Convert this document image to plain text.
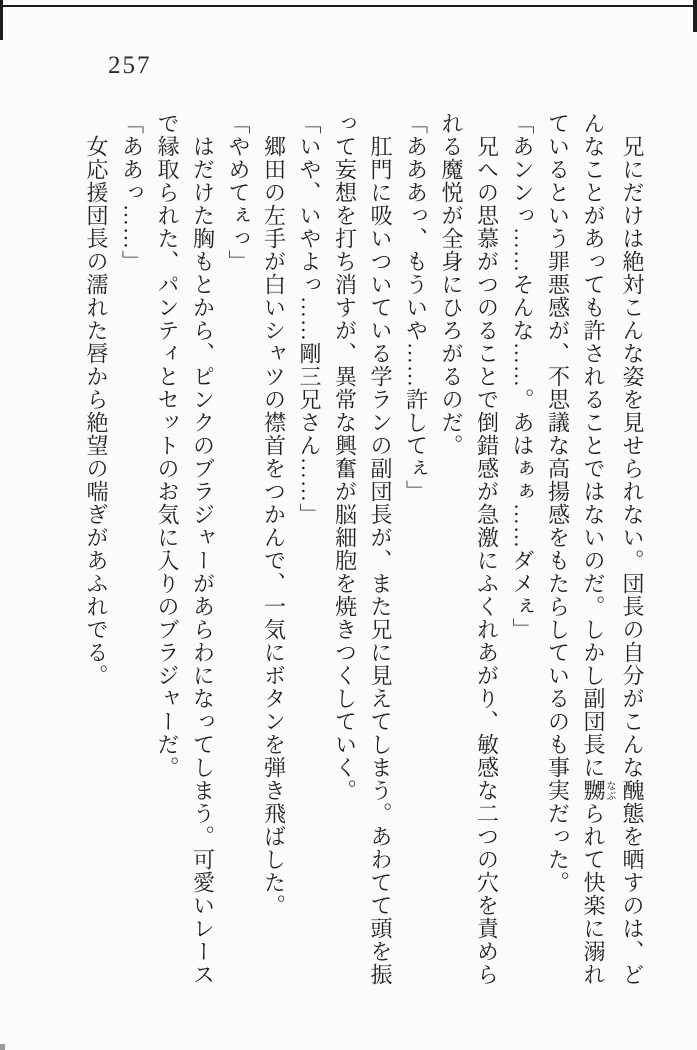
257

兄にだけは絶対こんな姿を見せられない。団長の自分がこんな醜態を晒すのは、ど

んなことがあっても許されることではないのだ。しかし副団長に嬲なぶられて快楽に溺れ

ているという罪悪感が、不思議な高揚感をもたらしているのも事実だった。

「あンンっ……そんな……。あはぁぁ……ダメぇ」

兄への思慕がつのることで倒錯感が急激にふくれあがり、敏感な二つの穴を責めら

れる魔悦が全身にひろがるのだ。

「あああっ、もういや……許してぇ」

肛門に吸いついている学ランの副団長が、また兄に見えてしまう。あわてて頭を振

って妄想を打ち消すが、異常な興奮が脳細胞を焼きつくしていく。

「いや、いやよっ……剛三兄さん……」

郷田の左手が白いシャツの襟首をつかんで、一気にボタンを弾き飛ばした。

「やめてぇっ」

はだけた胸もとから、ピンクのブラジャーがあらわになってしまう。可愛いレース

で縁取られた、パンティとセットのお気に入りのブラジャーだ。

「ああっ……」

女応援団長の濡れた唇から絶望の喘ぎがあふれでる。
